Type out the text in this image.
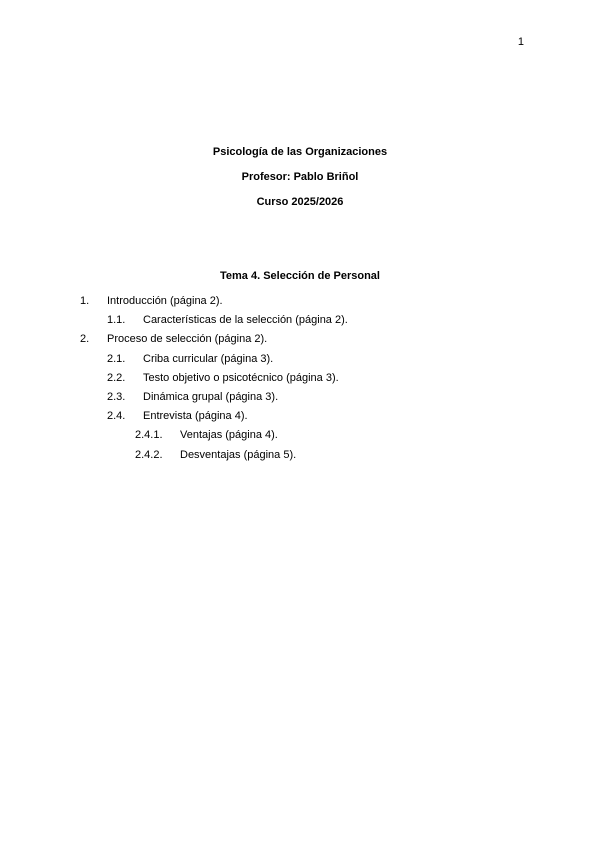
1
Psicología de las Organizaciones
Profesor: Pablo Briñol
Curso 2025/2026
Tema 4. Selección de Personal
1. Introducción (página 2).
1.1. Características de la selección (página 2).
2. Proceso de selección (página 2).
2.1. Criba curricular (página 3).
2.2. Testo objetivo o psicotécnico (página 3).
2.3. Dinámica grupal (página 3).
2.4. Entrevista (página 4).
2.4.1. Ventajas (página 4).
2.4.2. Desventajas (página 5).
